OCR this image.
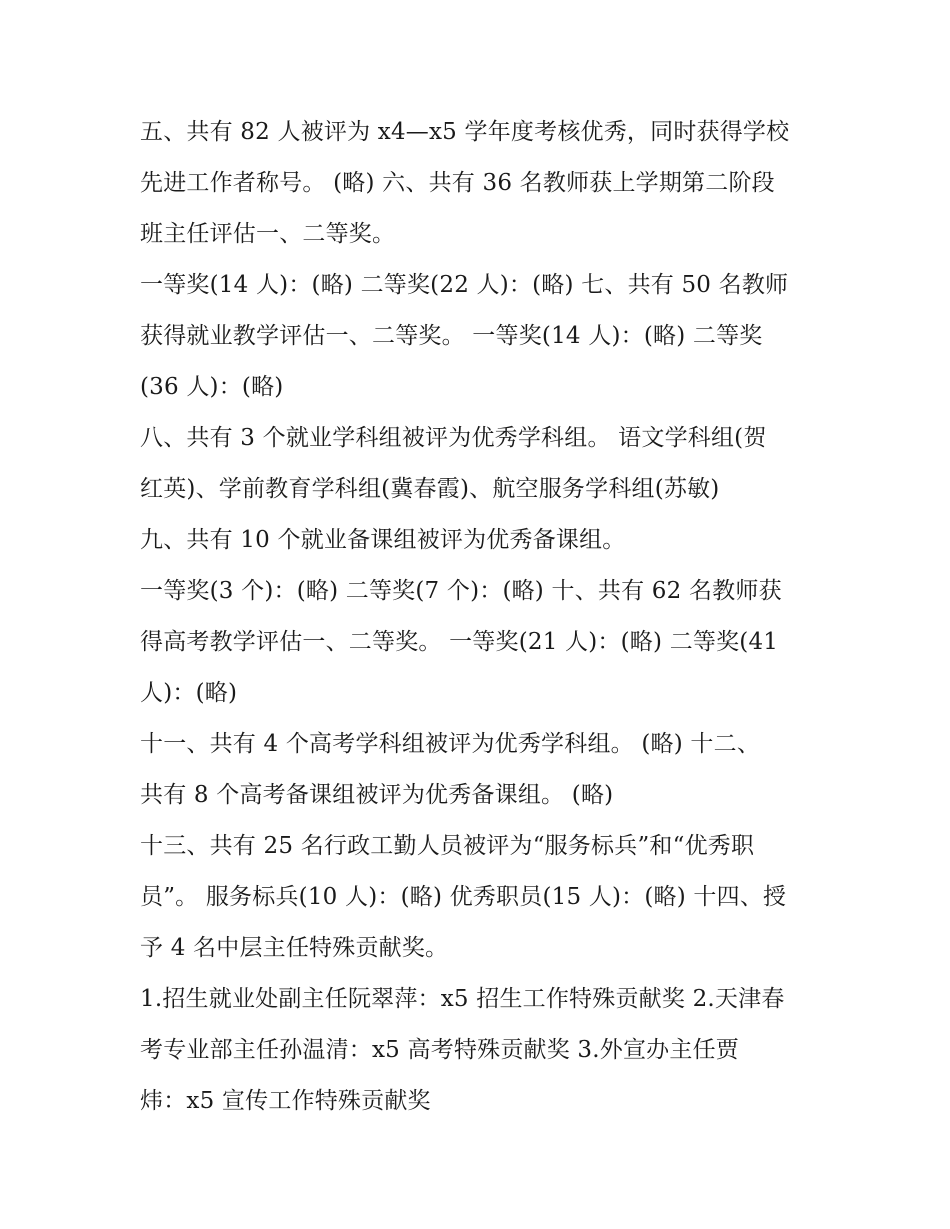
五、共有 82 人被评为 x4—x5 学年度考核优秀，同时获得学校
先进工作者称号。 (略) 六、共有 36 名教师获上学期第二阶段
班主任评估一、二等奖。
一等奖(14 人)：(略) 二等奖(22 人)：(略) 七、共有 50 名教师
获得就业教学评估一、二等奖。 一等奖(14 人)：(略) 二等奖
(36 人)：(略)
八、共有 3 个就业学科组被评为优秀学科组。 语文学科组(贺
红英)、学前教育学科组(冀春霞)、航空服务学科组(苏敏)
九、共有 10 个就业备课组被评为优秀备课组。
一等奖(3 个)：(略) 二等奖(7 个)：(略) 十、共有 62 名教师获
得高考教学评估一、二等奖。 一等奖(21 人)：(略) 二等奖(41
人)：(略)
十一、共有 4 个高考学科组被评为优秀学科组。 (略) 十二、
共有 8 个高考备课组被评为优秀备课组。 (略)
十三、共有 25 名行政工勤人员被评为“服务标兵”和“优秀职
员”。 服务标兵(10 人)：(略) 优秀职员(15 人)：(略) 十四、授
予 4 名中层主任特殊贡献奖。
1.招生就业处副主任阮翠萍：x5 招生工作特殊贡献奖 2.天津春
考专业部主任孙温清：x5 高考特殊贡献奖 3.外宣办主任贾
炜：x5 宣传工作特殊贡献奖
